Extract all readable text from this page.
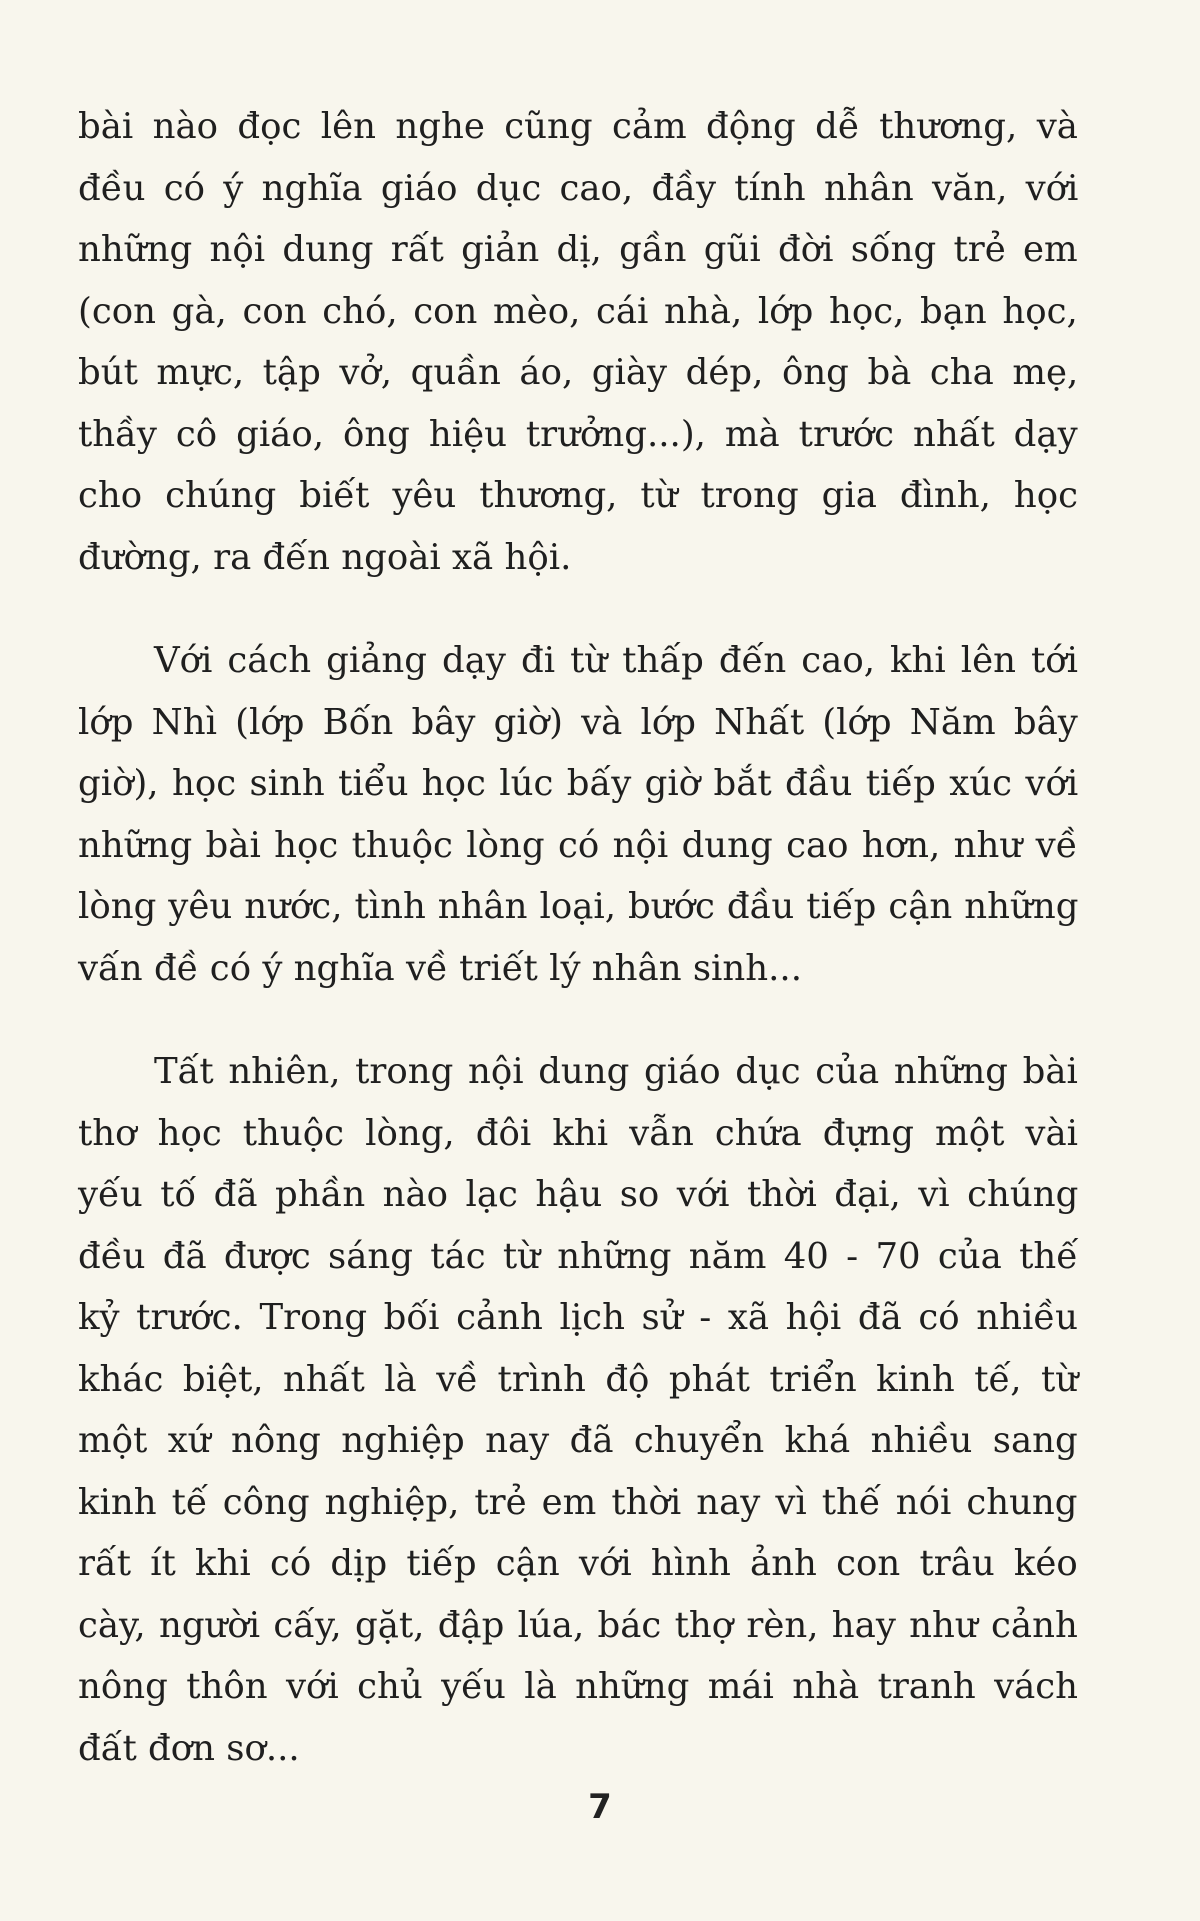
bài nào đọc lên nghe cũng cảm động dễ thương, và
đều có ý nghĩa giáo dục cao, đầy tính nhân văn, với
những nội dung rất giản dị, gần gũi đời sống trẻ em
(con gà, con chó, con mèo, cái nhà, lớp học, bạn học,
bút mực, tập vở, quần áo, giày dép, ông bà cha mẹ,
thầy cô giáo, ông hiệu trưởng...), mà trước nhất dạy
cho chúng biết yêu thương, từ trong gia đình, học
đường, ra đến ngoài xã hội.
Với cách giảng dạy đi từ thấp đến cao, khi lên tới
lớp Nhì (lớp Bốn bây giờ) và lớp Nhất (lớp Năm bây
giờ), học sinh tiểu học lúc bấy giờ bắt đầu tiếp xúc với
những bài học thuộc lòng có nội dung cao hơn, như về
lòng yêu nước, tình nhân loại, bước đầu tiếp cận những
vấn đề có ý nghĩa về triết lý nhân sinh...
Tất nhiên, trong nội dung giáo dục của những bài
thơ học thuộc lòng, đôi khi vẫn chứa đựng một vài
yếu tố đã phần nào lạc hậu so với thời đại, vì chúng
đều đã được sáng tác từ những năm 40 - 70 của thế
kỷ trước. Trong bối cảnh lịch sử - xã hội đã có nhiều
khác biệt, nhất là về trình độ phát triển kinh tế, từ
một xứ nông nghiệp nay đã chuyển khá nhiều sang
kinh tế công nghiệp, trẻ em thời nay vì thế nói chung
rất ít khi có dịp tiếp cận với hình ảnh con trâu kéo
cày, người cấy, gặt, đập lúa, bác thợ rèn, hay như cảnh
nông thôn với chủ yếu là những mái nhà tranh vách
đất đơn sơ...
7
